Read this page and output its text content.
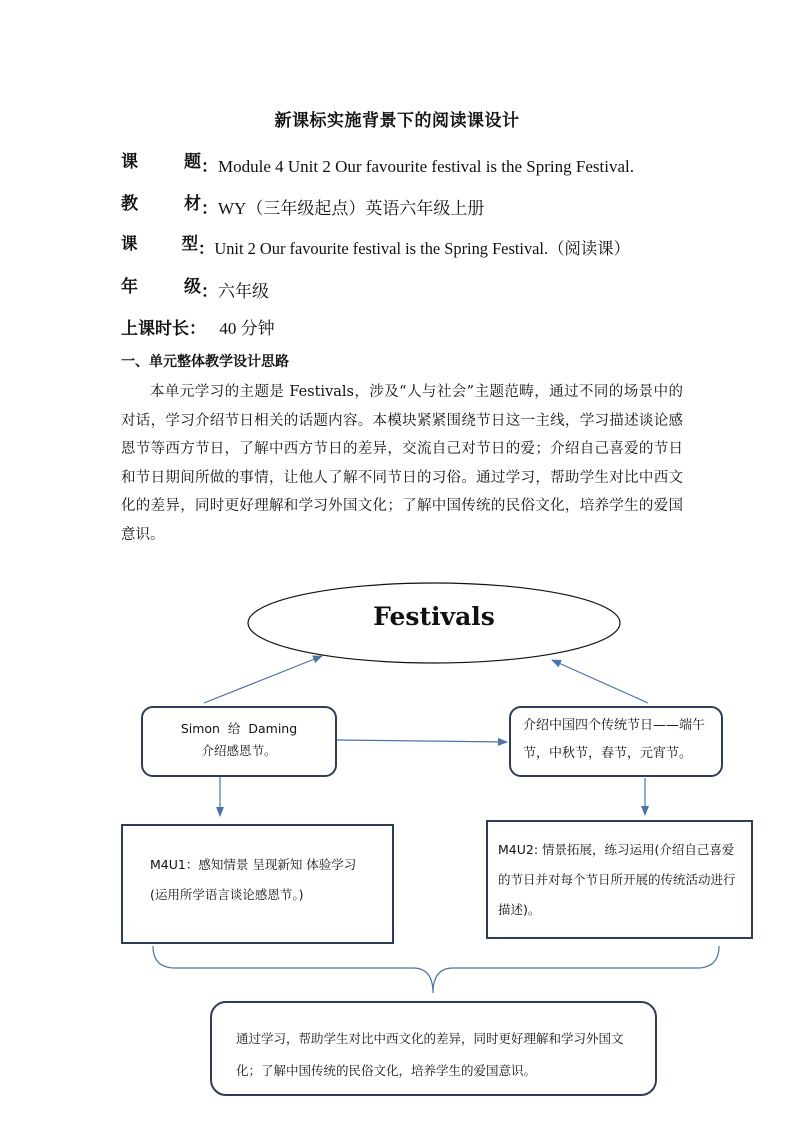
新课标实施背景下的阅读课设计
课	题 ：Module 4 Unit 2 Our favourite festival is the Spring Festival.
教	材 ：WY（三年级起点）英语六年级上册
课	型 ：Unit 2 Our favourite festival is the Spring Festival.（阅读课）
年	级 ：六年级
上课时长： 40 分钟
一、单元整体教学设计思路
本单元学习的主题是 Festivals，涉及“人与社会”主题范畴，通过不同的场景中的对话，学习介绍节日相关的话题内容。本模块紧紧围绕节日这一主线，学习描述谈论感恩节等西方节日，了解中西方节日的差异，交流自己对节日的爱；介绍自己喜爱的节日和节日期间所做的事情，让他人了解不同节日的习俗。通过学习，帮助学生对比中西文化的差异，同时更好理解和学习外国文化；了解中国传统的民俗文化，培养学生的爱国意识。
Festivals
Simon  给  Daming
介绍感恩节。
介绍中国四个传统节日——端午节，中秋节，春节，元宵节。
M4U1：感知情景 呈现新知 体验学习(运用所学语言谈论感恩节。)
M4U2: 情景拓展，练习运用(介绍自己喜爱的节日并对每个节日所开展的传统活动进行描述)。
通过学习，帮助学生对比中西文化的差异，同时更好理解和学习外国文化；了解中国传统的民俗文化，培养学生的爱国意识。
